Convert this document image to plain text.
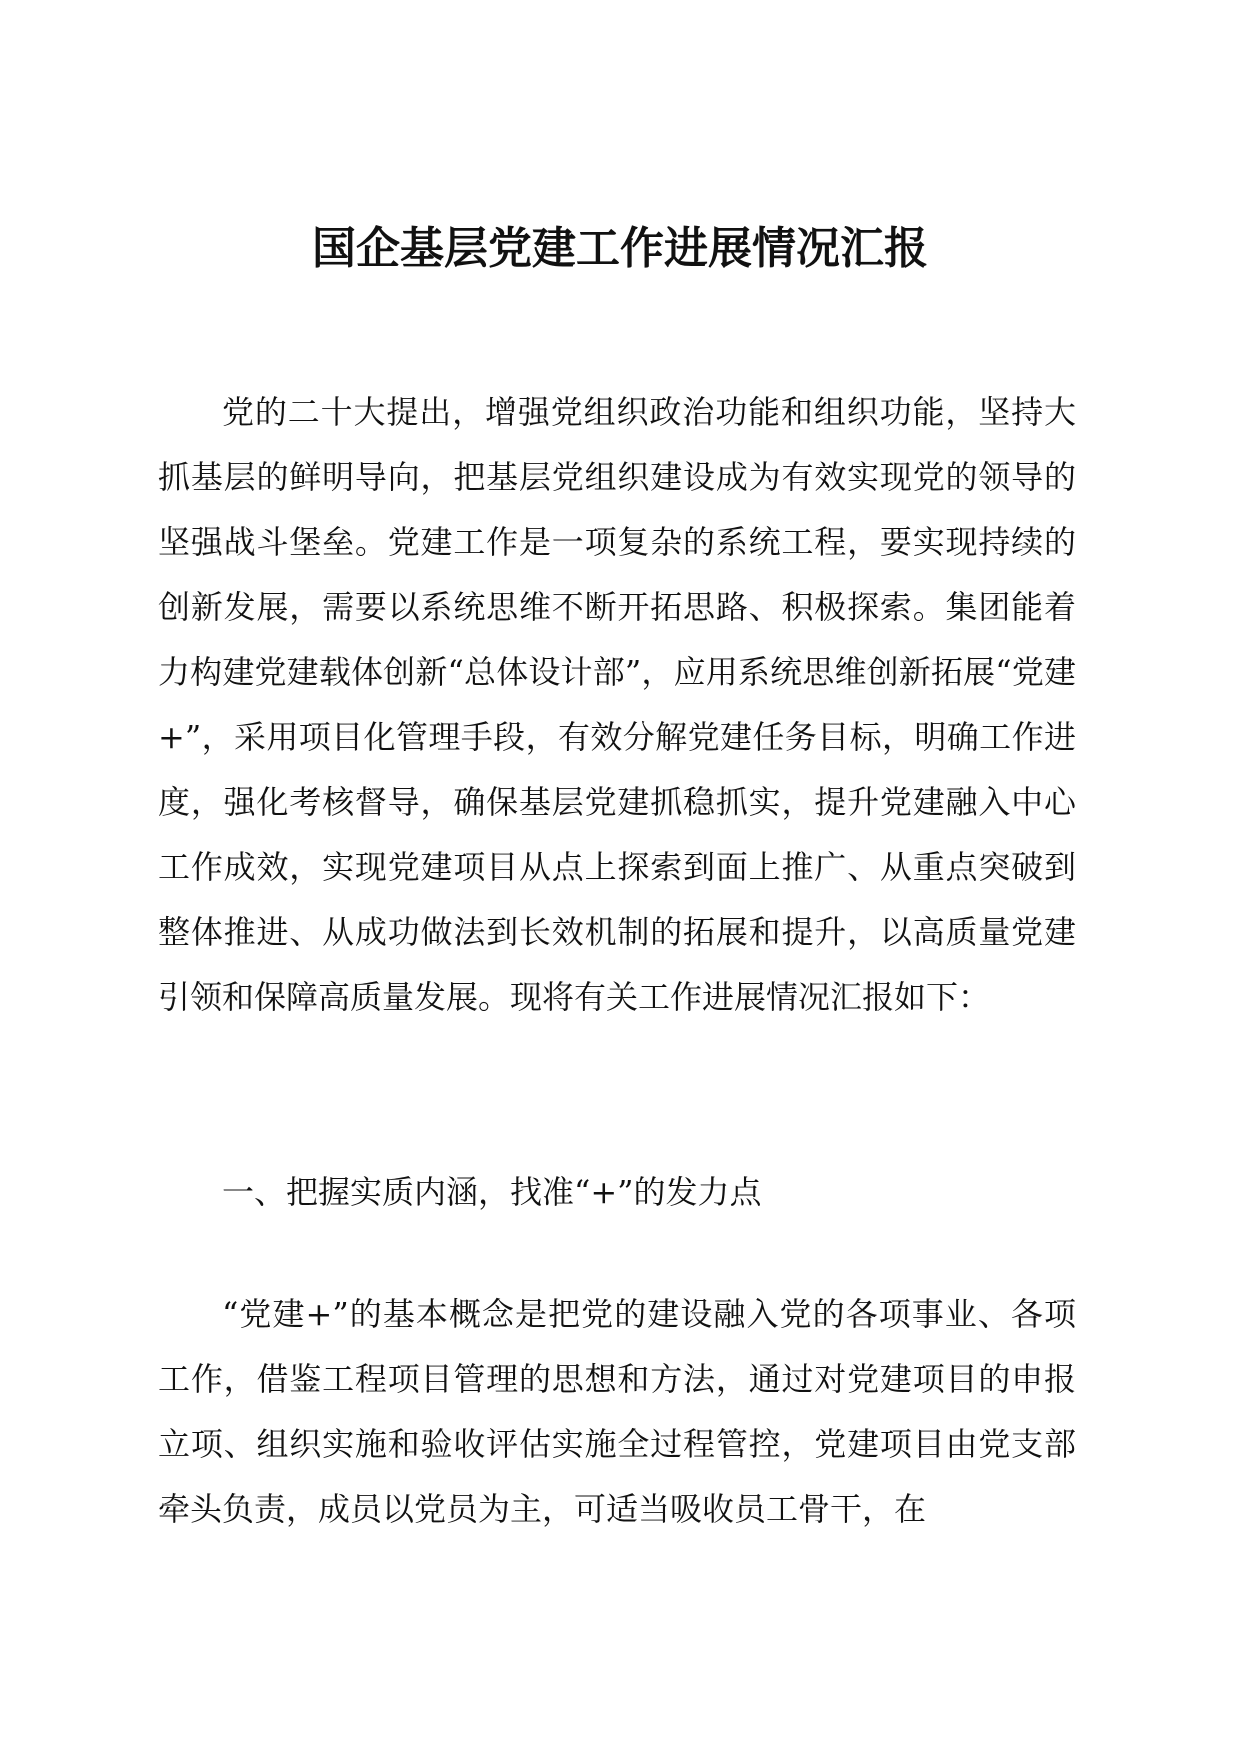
国企基层党建工作进展情况汇报

党的二十大提出，增强党组织政治功能和组织功能，坚持大抓基层的鲜明导向，把基层党组织建设成为有效实现党的领导的坚强战斗堡垒。党建工作是一项复杂的系统工程，要实现持续的创新发展，需要以系统思维不断开拓思路、积极探索。集团能着力构建党建载体创新“总体设计部”，应用系统思维创新拓展“党建+”，采用项目化管理手段，有效分解党建任务目标，明确工作进度，强化考核督导，确保基层党建抓稳抓实，提升党建融入中心工作成效，实现党建项目从点上探索到面上推广、从重点突破到整体推进、从成功做法到长效机制的拓展和提升，以高质量党建引领和保障高质量发展。现将有关工作进展情况汇报如下：

一、把握实质内涵，找准“+”的发力点

“党建+”的基本概念是把党的建设融入党的各项事业、各项工作，借鉴工程项目管理的思想和方法，通过对党建项目的申报立项、组织实施和验收评估实施全过程管控，党建项目由党支部牵头负责，成员以党员为主，可适当吸收员工骨干，在
